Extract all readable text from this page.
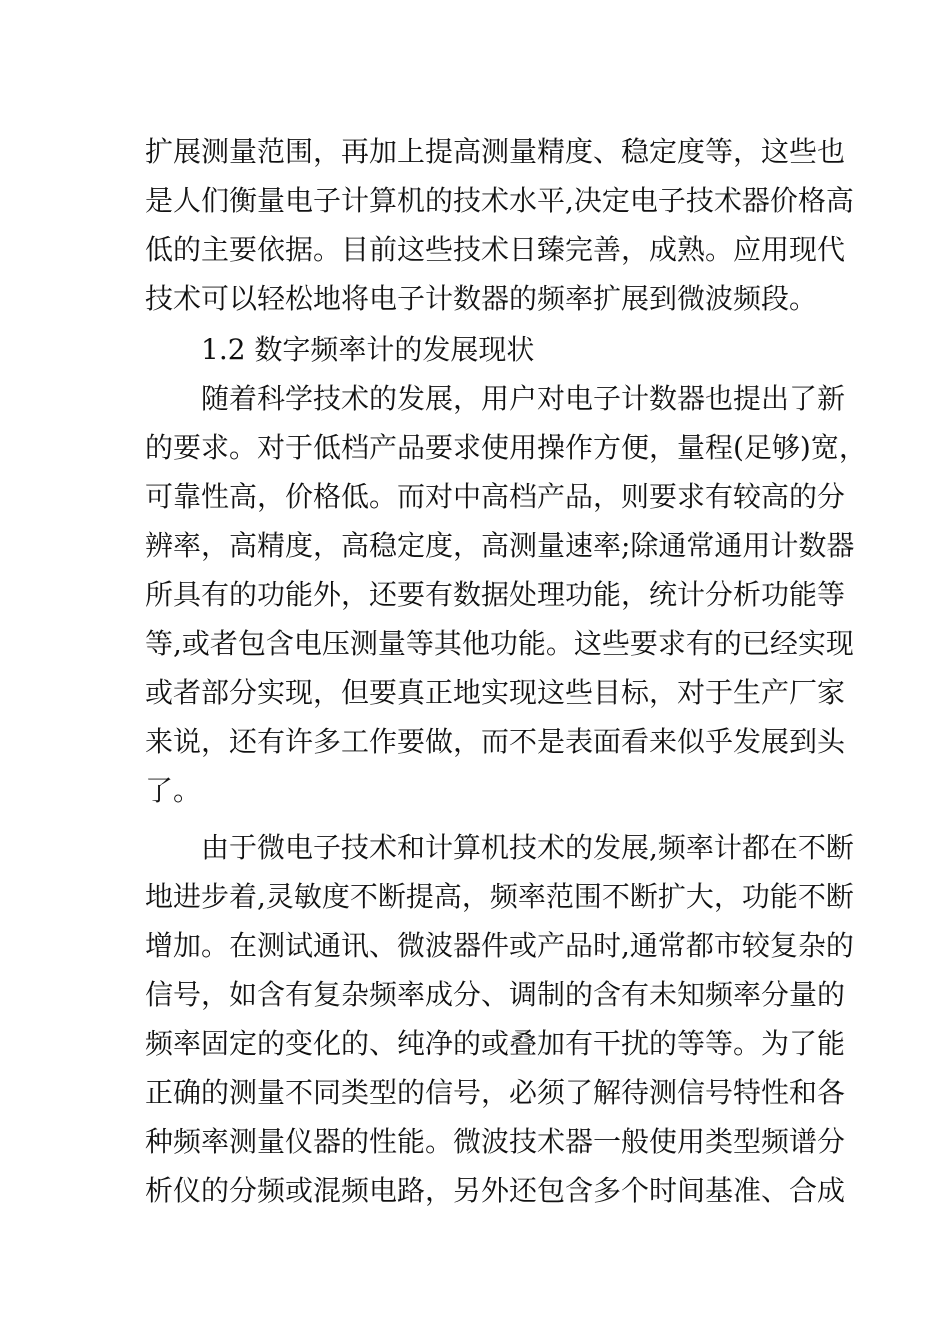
扩展测量范围，再加上提高测量精度、稳定度等，这些也
是人们衡量电子计算机的技术水平,决定电子技术器价格高
低的主要依据。目前这些技术日臻完善，成熟。应用现代
技术可以轻松地将电子计数器的频率扩展到微波频段。
1.2 数字频率计的发展现状
随着科学技术的发展，用户对电子计数器也提出了新
的要求。对于低档产品要求使用操作方便，量程(足够)宽，
可靠性高，价格低。而对中高档产品，则要求有较高的分
辨率，高精度，高稳定度，高测量速率;除通常通用计数器
所具有的功能外，还要有数据处理功能，统计分析功能等
等,或者包含电压测量等其他功能。这些要求有的已经实现
或者部分实现，但要真正地实现这些目标，对于生产厂家
来说，还有许多工作要做，而不是表面看来似乎发展到头
了。
由于微电子技术和计算机技术的发展,频率计都在不断
地进步着,灵敏度不断提高，频率范围不断扩大，功能不断
增加。在测试通讯、微波器件或产品时,通常都市较复杂的
信号，如含有复杂频率成分、调制的含有未知频率分量的
频率固定的变化的、纯净的或叠加有干扰的等等。为了能
正确的测量不同类型的信号，必须了解待测信号特性和各
种频率测量仪器的性能。微波技术器一般使用类型频谱分
析仪的分频或混频电路，另外还包含多个时间基准、合成
